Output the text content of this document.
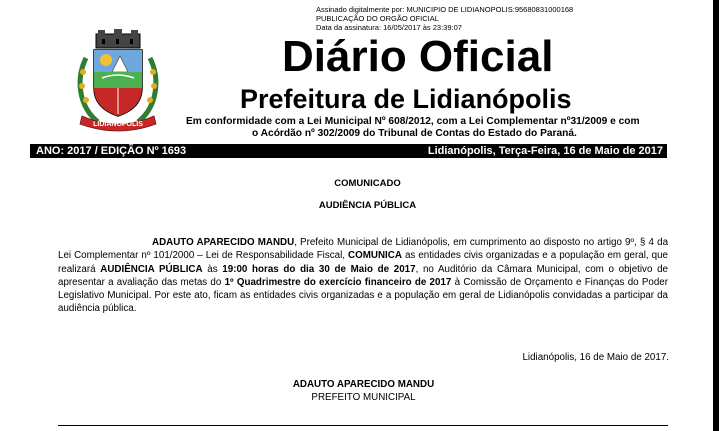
Assinado digitalmente por: MUNICIPIO DE LIDIANOPOLIS:95680831000168
PUBLICAÇÃO DO ORGÃO OFICIAL
Data da assinatura: 16/05/2017 às 23:39:07
LIDIANÓPOLIS
Diário Oficial
Prefeitura de Lidianópolis
Em conformidade com a Lei Municipal Nº 608/2012, com a Lei Complementar nº31/2009 e com
o Acórdão nº 302/2009 do Tribunal de Contas do Estado do Paraná.
ANO: 2017 / EDIÇÃO Nº 1693	Lidianópolis, Terça-Feira, 16 de Maio de 2017
COMUNICADO
AUDIÊNCIA PÚBLICA
ADAUTO APARECIDO MANDU, Prefeito Municipal de Lidianópolis, em cumprimento ao disposto no artigo 9º, § 4 da Lei Complementar nº 101/2000 – Lei de Responsabilidade Fiscal, COMUNICA as entidades civis organizadas e a população em geral, que realizará AUDIÊNCIA PÚBLICA às 19:00 horas do dia 30 de Maio de 2017, no Auditório da Câmara Municipal, com o objetivo de apresentar a avaliação das metas do 1º Quadrimestre do exercício financeiro de 2017 à Comissão de Orçamento e Finanças do Poder Legislativo Municipal. Por este ato, ficam as entidades civis organizadas e a população em geral de Lidianópolis convidadas a participar da audiência pública.
Lidianópolis, 16 de Maio de 2017.
ADAUTO APARECIDO MANDU
PREFEITO MUNICIPAL
